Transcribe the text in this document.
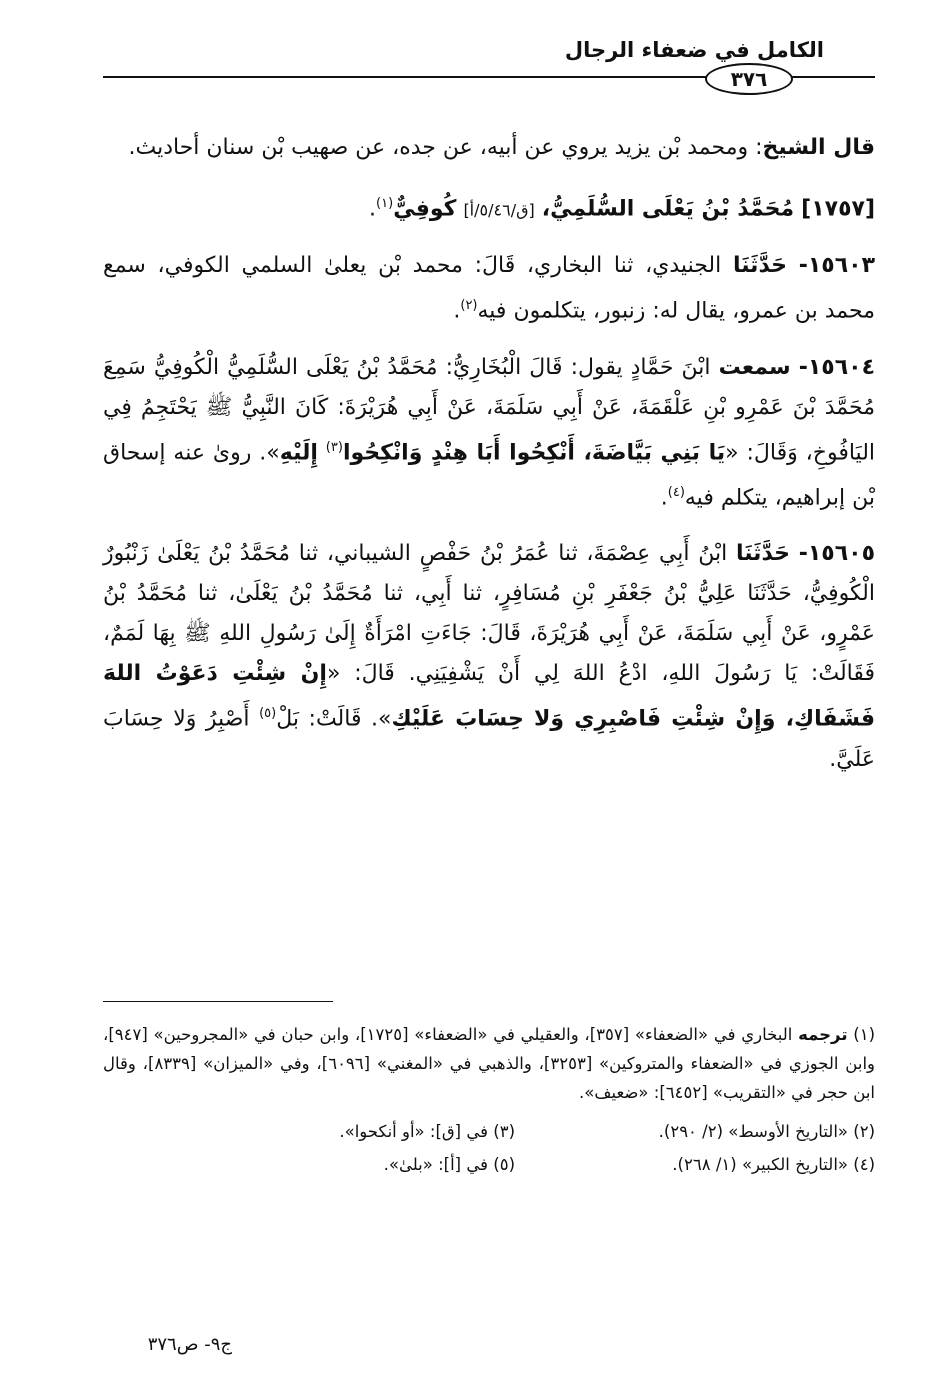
الكامل في ضعفاء الرجال
٣٧٦

قال الشيخ: ومحمد بْن يزيد يروي عن أبيه، عن جده، عن صهيب بْن سنان أحاديث.

[١٧٥٧] مُحَمَّدُ بْنُ يَعْلَى السُّلَمِيُّ، [ق/٥/٤٦/أ] كُوفِيٌّ$^{(١)}$.

١٥٦٠٣- حَدَّثَنَا الجنيدي، ثنا البخاري، قَالَ: محمد بْن يعلىٰ السلمي الكوفي، سمع محمد بن عمرو، يقال له: زنبور، يتكلمون فيه$^{(٢)}$.

١٥٦٠٤- سمعت ابْنَ حَمَّادٍ يقول: قَالَ الْبُخَارِيُّ: مُحَمَّدُ بْنُ يَعْلَى السُّلَمِيُّ الْكُوفِيُّ سَمِعَ مُحَمَّدَ بْنَ عَمْرِو بْنِ عَلْقَمَةَ، عَنْ أَبِي سَلَمَةَ، عَنْ أَبِي هُرَيْرَةَ: كَانَ النَّبِيُّ ﷺ يَحْتَجِمُ فِي اليَافُوخِ، وَقَالَ: «يَا بَنِي بَيَّاضَةَ، أَنْكِحُوا أَبَا هِنْدٍ وَانْكِحُوا$^{(٣)}$ إِلَيْهِ». روىٰ عنه إسحاق بْن إبراهيم، يتكلم فيه$^{(٤)}$.

١٥٦٠٥- حَدَّثَنَا ابْنُ أَبِي عِصْمَةَ، ثنا عُمَرُ بْنُ حَفْصٍ الشيباني، ثنا مُحَمَّدُ بْنُ يَعْلَىٰ زَنْبُورٌ الْكُوفِيُّ، حَدَّثَنَا عَلِيُّ بْنُ جَعْفَرِ بْنِ مُسَافِرٍ، ثنا أَبِي، ثنا مُحَمَّدُ بْنُ يَعْلَىٰ، ثنا مُحَمَّدُ بْنُ عَمْرٍو، عَنْ أَبِي سَلَمَةَ، عَنْ أَبِي هُرَيْرَةَ، قَالَ: جَاءَتِ امْرَأَةٌ إِلَىٰ رَسُولِ اللهِ ﷺ بِهَا لَمَمٌ، فَقَالَتْ: يَا رَسُولَ اللهِ، ادْعُ اللهَ لِي أَنْ يَشْفِيَنِي. قَالَ: «إِنْ شِئْتِ دَعَوْتُ اللهَ فَشَفَاكِ، وَإِنْ شِئْتِ فَاصْبِرِي وَلا حِسَابَ عَلَيْكِ». قَالَتْ: بَلْ$^{(٥)}$ أَصْبِرُ وَلا حِسَابَ عَلَيَّ.

(١) ترجمه البخاري في «الضعفاء» [٣٥٧]، والعقيلي في «الضعفاء» [١٧٢٥]، وابن حبان في «المجروحين» [٩٤٧]، وابن الجوزي في «الضعفاء والمتروكين» [٣٢٥٣]، والذهبي في «المغني» [٦٠٩٦]، وفي «الميزان» [٨٣٣٩]، وقال ابن حجر في «التقريب» [٦٤٥٢]: «ضعيف».

(٢) «التاريخ الأوسط» (٢/ ٢٩٠).
(٣) في [ق]: «أو أنكحوا».
(٤) «التاريخ الكبير» (١/ ٢٦٨).
(٥) في [أ]: «بلىٰ».
ج٩- ص٣٧٦
